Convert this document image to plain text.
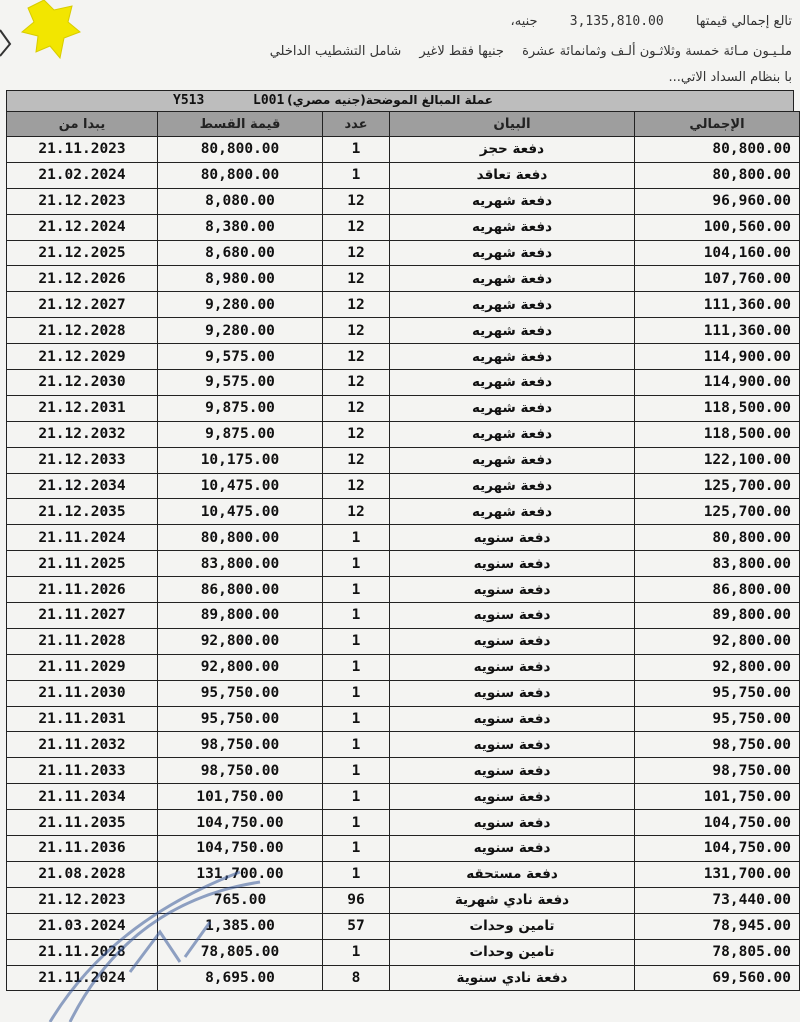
تالع إجمالي قيمتها 3,135,810.00 جنيه،
ملـيـون مـائة خمسة وثلاثـون ألـف وثمانمائة عشرة جنيها فقط لاغير شامل التشطيب الداخلي
با بنظام السداد الاتي...
Y513	L001 عملة المبالغ الموضحة(جنيه مصري)
يبدا من	قيمة القسط	عدد	البيان	الإجمالي
21.11.2023	80,800.00	1	دفعة حجز	80,800.00
21.02.2024	80,800.00	1	دفعة تعاقد	80,800.00
21.12.2023	8,080.00	12	دفعة شهريه	96,960.00
21.12.2024	8,380.00	12	دفعة شهريه	100,560.00
21.12.2025	8,680.00	12	دفعة شهريه	104,160.00
21.12.2026	8,980.00	12	دفعة شهريه	107,760.00
21.12.2027	9,280.00	12	دفعة شهريه	111,360.00
21.12.2028	9,280.00	12	دفعة شهريه	111,360.00
21.12.2029	9,575.00	12	دفعة شهريه	114,900.00
21.12.2030	9,575.00	12	دفعة شهريه	114,900.00
21.12.2031	9,875.00	12	دفعة شهريه	118,500.00
21.12.2032	9,875.00	12	دفعة شهريه	118,500.00
21.12.2033	10,175.00	12	دفعة شهريه	122,100.00
21.12.2034	10,475.00	12	دفعة شهريه	125,700.00
21.12.2035	10,475.00	12	دفعة شهريه	125,700.00
21.11.2024	80,800.00	1	دفعة سنويه	80,800.00
21.11.2025	83,800.00	1	دفعة سنويه	83,800.00
21.11.2026	86,800.00	1	دفعة سنويه	86,800.00
21.11.2027	89,800.00	1	دفعة سنويه	89,800.00
21.11.2028	92,800.00	1	دفعة سنويه	92,800.00
21.11.2029	92,800.00	1	دفعة سنويه	92,800.00
21.11.2030	95,750.00	1	دفعة سنويه	95,750.00
21.11.2031	95,750.00	1	دفعة سنويه	95,750.00
21.11.2032	98,750.00	1	دفعة سنويه	98,750.00
21.11.2033	98,750.00	1	دفعة سنويه	98,750.00
21.11.2034	101,750.00	1	دفعة سنويه	101,750.00
21.11.2035	104,750.00	1	دفعة سنويه	104,750.00
21.11.2036	104,750.00	1	دفعة سنويه	104,750.00
21.08.2028	131,700.00	1	دفعة مستحقه	131,700.00
21.12.2023	765.00	96	دفعة نادي شهرية	73,440.00
21.03.2024	1,385.00	57	تامين وحدات	78,945.00
21.11.2028	78,805.00	1	تامين وحدات	78,805.00
21.11.2024	8,695.00	8	دفعة نادي سنوية	69,560.00
